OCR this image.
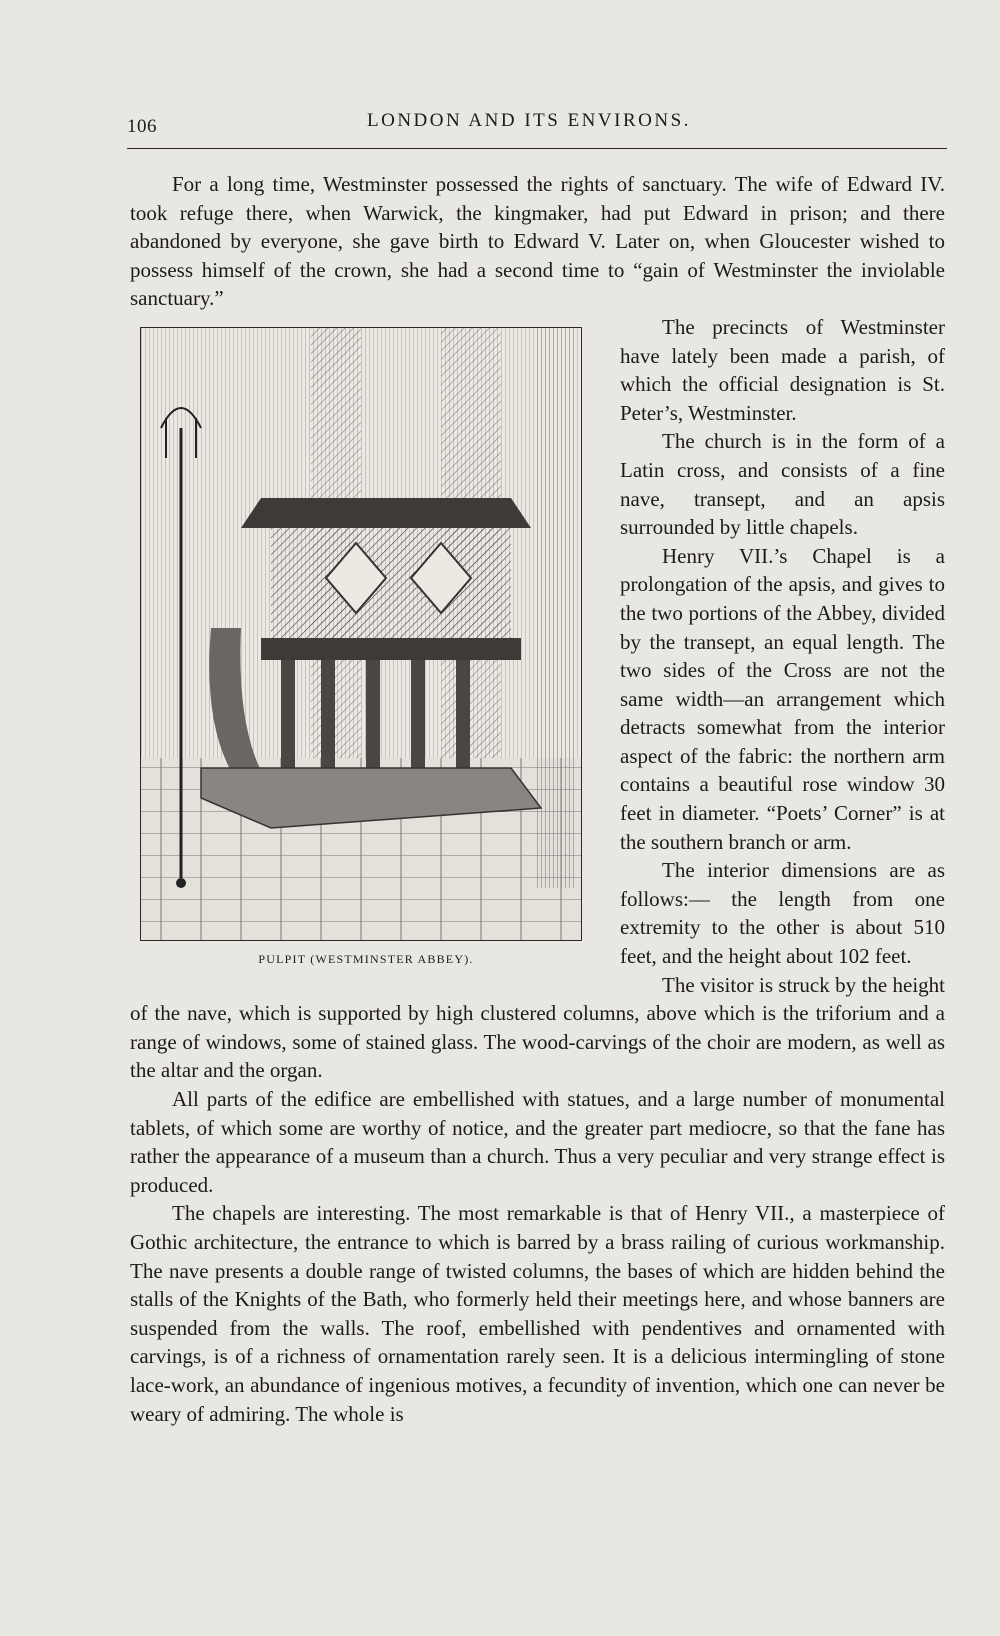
106	LONDON AND ITS ENVIRONS.

For a long time, Westminster possessed the rights of sanctuary. The wife of Edward IV. took refuge there, when Warwick, the kingmaker, had put Edward in prison; and there abandoned by everyone, she gave birth to Edward V. Later on, when Gloucester wished to possess himself of the crown, she had a second time to “gain of Westminster the inviolable sanctuary.”

PULPIT (WESTMINSTER ABBEY).

The precincts of Westminster have lately been made a parish, of which the official designation is St. Peter’s, Westminster.

The church is in the form of a Latin cross, and consists of a fine nave, transept, and an apsis surrounded by little chapels.

Henry VII.’s Chapel is a prolongation of the apsis, and gives to the two portions of the Abbey, divided by the transept, an equal length. The two sides of the Cross are not the same width—an arrangement which detracts somewhat from the interior aspect of the fabric: the northern arm contains a beautiful rose window 30 feet in diameter. “Poets’ Corner” is at the southern branch or arm.

The interior dimensions are as follows:— the length from one extremity to the other is about 510 feet, and the height about 102 feet.

The visitor is struck by the height of the nave, which is supported by high clustered columns, above which is the triforium and a range of windows, some of stained glass. The wood-carvings of the choir are modern, as well as the altar and the organ.

All parts of the edifice are embellished with statues, and a large number of monumental tablets, of which some are worthy of notice, and the greater part mediocre, so that the fane has rather the appearance of a museum than a church. Thus a very peculiar and very strange effect is produced.

The chapels are interesting. The most remarkable is that of Henry VII., a masterpiece of Gothic architecture, the entrance to which is barred by a brass railing of curious workmanship. The nave presents a double range of twisted columns, the bases of which are hidden behind the stalls of the Knights of the Bath, who formerly held their meetings here, and whose banners are suspended from the walls. The roof, embellished with pendentives and ornamented with carvings, is of a richness of ornamentation rarely seen. It is a delicious intermingling of stone lace-work, an abundance of ingenious motives, a fecundity of invention, which one can never be weary of admiring. The whole is
